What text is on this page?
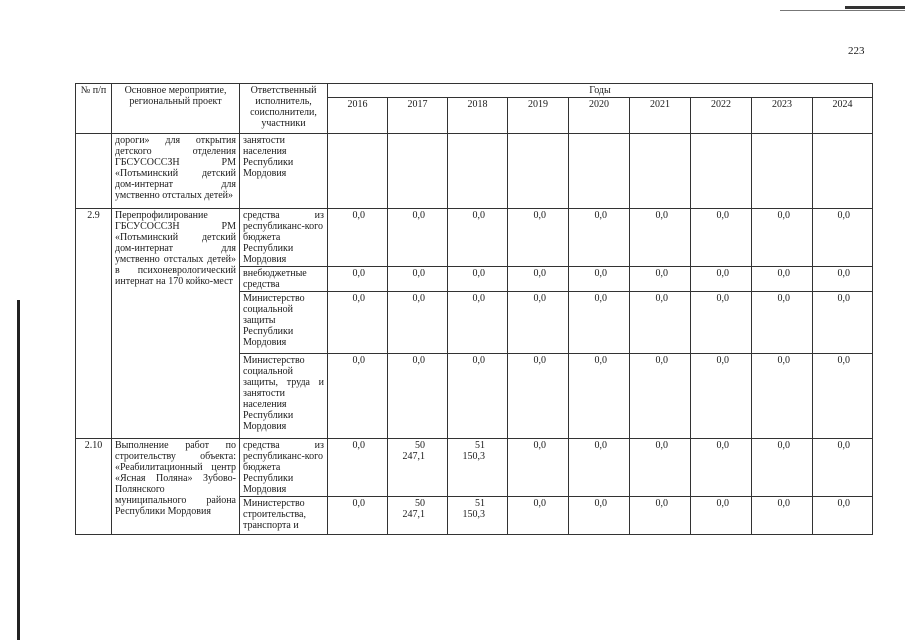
223
№ п/п	Основное мероприятие, региональный проект	Ответственный исполнитель, соисполнители, участники	Годы								
			2016	2017	2018	2019	2020	2021	2022	2023	2024
	дороги» для открытия детского отделения ГБСУСОССЗН РМ «Потьминский детский дом-интернат для умственно отсталых детей»	занятости населения Республики Мордовия									
2.9	Перепрофилирование ГБСУСОССЗН РМ «Потьминский детский дом-интернат для умственно отсталых детей» в психоневрологический интернат на 170 койко-мест	средства из республиканс-кого бюджета Республики Мордовия	0,0	0,0	0,0	0,0	0,0	0,0	0,0	0,0	0,0
		внебюджетные средства	0,0	0,0	0,0	0,0	0,0	0,0	0,0	0,0	0,0
		Министерство социальной защиты Республики Мордовия	0,0	0,0	0,0	0,0	0,0	0,0	0,0	0,0	0,0
		Министерство социальной защиты, труда и занятости населения Республики Мордовия	0,0	0,0	0,0	0,0	0,0	0,0	0,0	0,0	0,0
2.10	Выполнение работ по строительству объекта: «Реабилитационный центр «Ясная Поляна» Зубово-Полянского муниципального района Республики Мордовия	средства из республиканс-кого бюджета Республики Мордовия	0,0	50 247,1	51 150,3	0,0	0,0	0,0	0,0	0,0	0,0
		Министерство строительства, транспорта и	0,0	50 247,1	51 150,3	0,0	0,0	0,0	0,0	0,0	0,0
